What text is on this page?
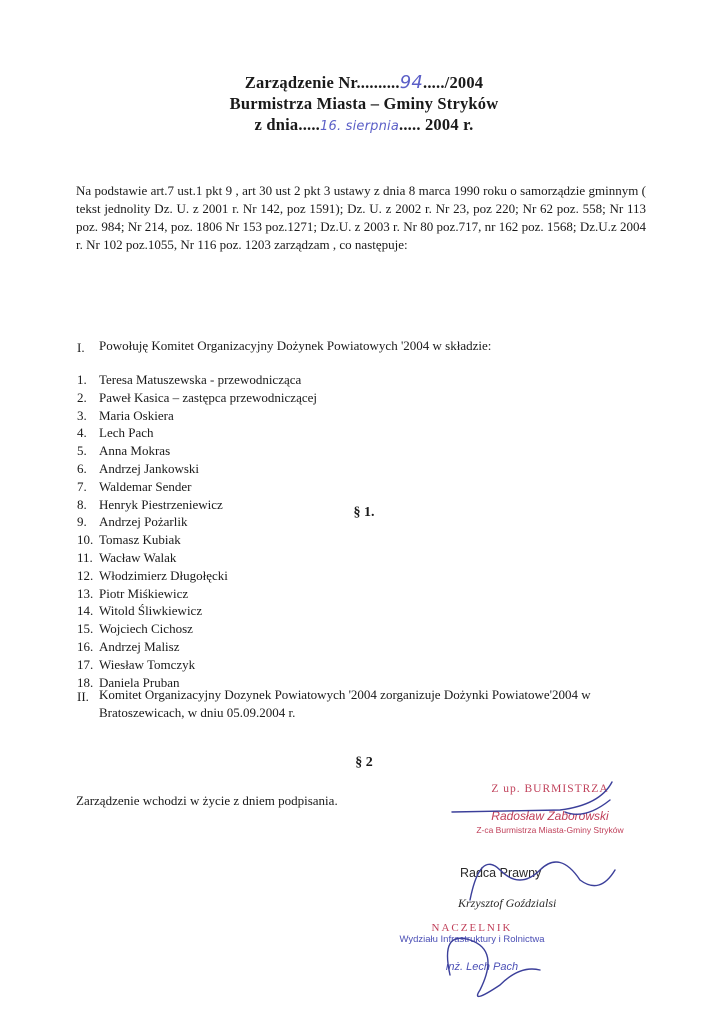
Zarządzenie Nr..........94...../2004
Burmistrza Miasta – Gminy Stryków
z dnia.....16. sierpnia..... 2004 r.
Na podstawie art.7 ust.1 pkt 9 , art 30 ust 2 pkt 3 ustawy z dnia 8 marca 1990 roku o samorządzie gminnym ( tekst jednolity Dz. U. z 2001 r. Nr 142, poz 1591); Dz. U. z 2002 r. Nr 23, poz 220; Nr 62 poz. 558; Nr 113 poz. 984; Nr 214, poz. 1806 Nr 153 poz.1271; Dz.U. z 2003 r. Nr 80 poz.717, nr 162 poz. 1568; Dz.U.z 2004 r. Nr 102 poz.1055, Nr 116 poz. 1203 zarządzam , co następuje:
§ 1.
I. Powołuję Komitet Organizacyjny Dożynek Powiatowych '2004 w składzie:
1. Teresa Matuszewska - przewodnicząca
2. Paweł Kasica – zastępca przewodniczącej
3. Maria Oskiera
4. Lech Pach
5. Anna Mokras
6. Andrzej Jankowski
7. Waldemar Sender
8. Henryk Piestrzeniewicz
9. Andrzej Pożarlik
10. Tomasz Kubiak
11. Wacław Walak
12. Włodzimierz Długołęcki
13. Piotr Miśkiewicz
14. Witold Śliwkiewicz
15. Wojciech Cichosz
16. Andrzej Malisz
17. Wiesław Tomczyk
18. Daniela Pruban
II. Komitet Organizacyjny Dozynek Powiatowych '2004 zorganizuje Dożynki Powiatowe'2004 w Bratoszewicach, w dniu 05.09.2004 r.
§ 2
Zarządzenie wchodzi w życie z dniem podpisania.
Z up. BURMISTRZA
Radosław Zaborowski
Z-ca Burmistrza Miasta-Gminy Stryków
Radca Prawny
Krzysztof Goździalsi
NACZELNIK
Wydziału Infrastruktury i Rolnictwa
inż. Lech Pach
